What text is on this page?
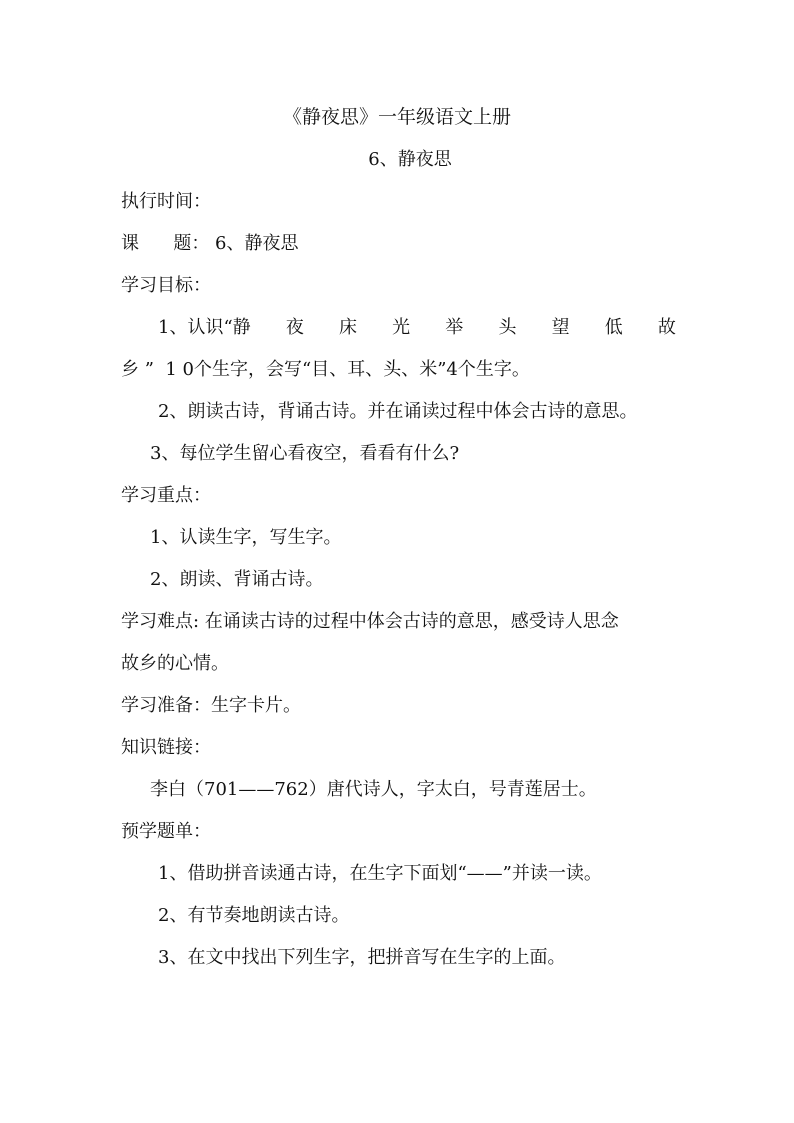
《静夜思》一年级语文上册
6、静夜思
执行时间：
课      题： 6、静夜思
学习目标：
1、认识“静 夜 床 光 举 头 望 低 故
乡 ”  1 0个生字，会写“目、耳、头、米”4个生字。
2、朗读古诗，背诵古诗。并在诵读过程中体会古诗的意思。
3、每位学生留心看夜空，看看有什么?
学习重点：
1、认读生字，写生字。
2、朗读、背诵古诗。
学习难点: 在诵读古诗的过程中体会古诗的意思，感受诗人思念
故乡的心情。
学习准备：生字卡片。
知识链接：
李白（701——762）唐代诗人，字太白，号青莲居士。
预学题单：
1、借助拼音读通古诗，在生字下面划“——”并读一读。
2、有节奏地朗读古诗。
3、在文中找出下列生字，把拼音写在生字的上面。
